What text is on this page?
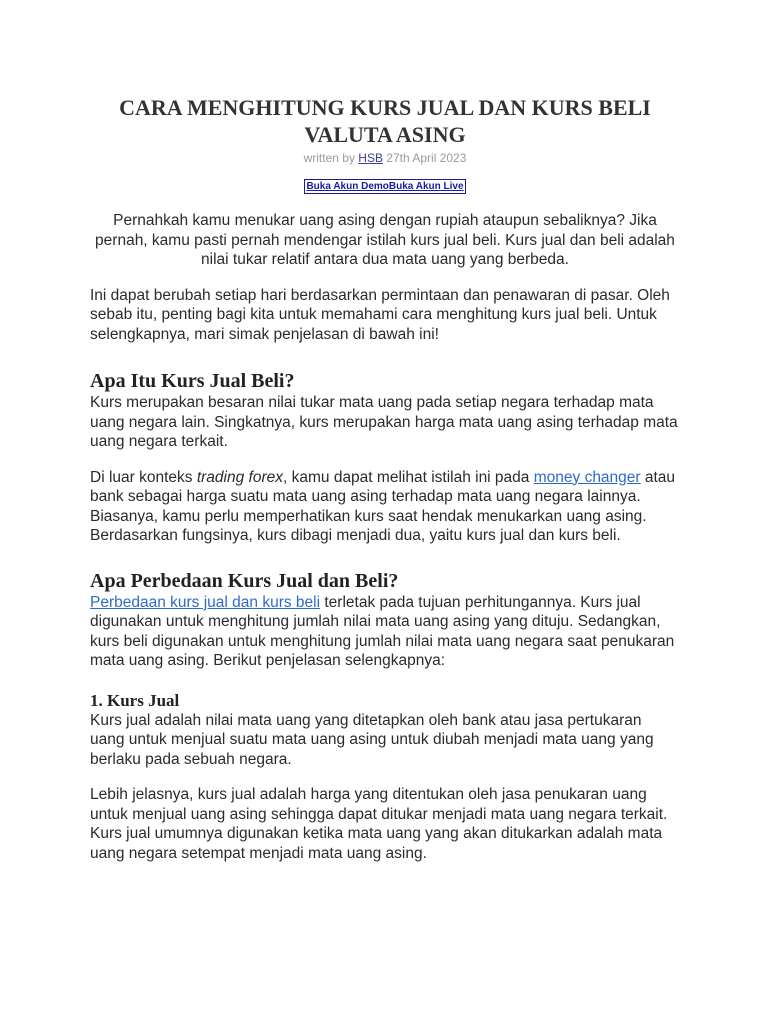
CARA MENGHITUNG KURS JUAL DAN KURS BELI VALUTA ASING
written by HSB 27th April 2023
Buka Akun DemoBuka Akun Live

Pernahkah kamu menukar uang asing dengan rupiah ataupun sebaliknya? Jika pernah, kamu pasti pernah mendengar istilah kurs jual beli. Kurs jual dan beli adalah nilai tukar relatif antara dua mata uang yang berbeda.

Ini dapat berubah setiap hari berdasarkan permintaan dan penawaran di pasar. Oleh sebab itu, penting bagi kita untuk memahami cara menghitung kurs jual beli. Untuk selengkapnya, mari simak penjelasan di bawah ini!

Apa Itu Kurs Jual Beli?

Kurs merupakan besaran nilai tukar mata uang pada setiap negara terhadap mata uang negara lain. Singkatnya, kurs merupakan harga mata uang asing terhadap mata uang negara terkait.

Di luar konteks trading forex, kamu dapat melihat istilah ini pada money changer atau bank sebagai harga suatu mata uang asing terhadap mata uang negara lainnya. Biasanya, kamu perlu memperhatikan kurs saat hendak menukarkan uang asing.
Berdasarkan fungsinya, kurs dibagi menjadi dua, yaitu kurs jual dan kurs beli.

Apa Perbedaan Kurs Jual dan Beli?

Perbedaan kurs jual dan kurs beli terletak pada tujuan perhitungannya. Kurs jual digunakan untuk menghitung jumlah nilai mata uang asing yang dituju. Sedangkan, kurs beli digunakan untuk menghitung jumlah nilai mata uang negara saat penukaran mata uang asing. Berikut penjelasan selengkapnya:

1. Kurs Jual

Kurs jual adalah nilai mata uang yang ditetapkan oleh bank atau jasa pertukaran uang untuk menjual suatu mata uang asing untuk diubah menjadi mata uang yang berlaku pada sebuah negara.

Lebih jelasnya, kurs jual adalah harga yang ditentukan oleh jasa penukaran uang untuk menjual uang asing sehingga dapat ditukar menjadi mata uang negara terkait. Kurs jual umumnya digunakan ketika mata uang yang akan ditukarkan adalah mata uang negara setempat menjadi mata uang asing.
